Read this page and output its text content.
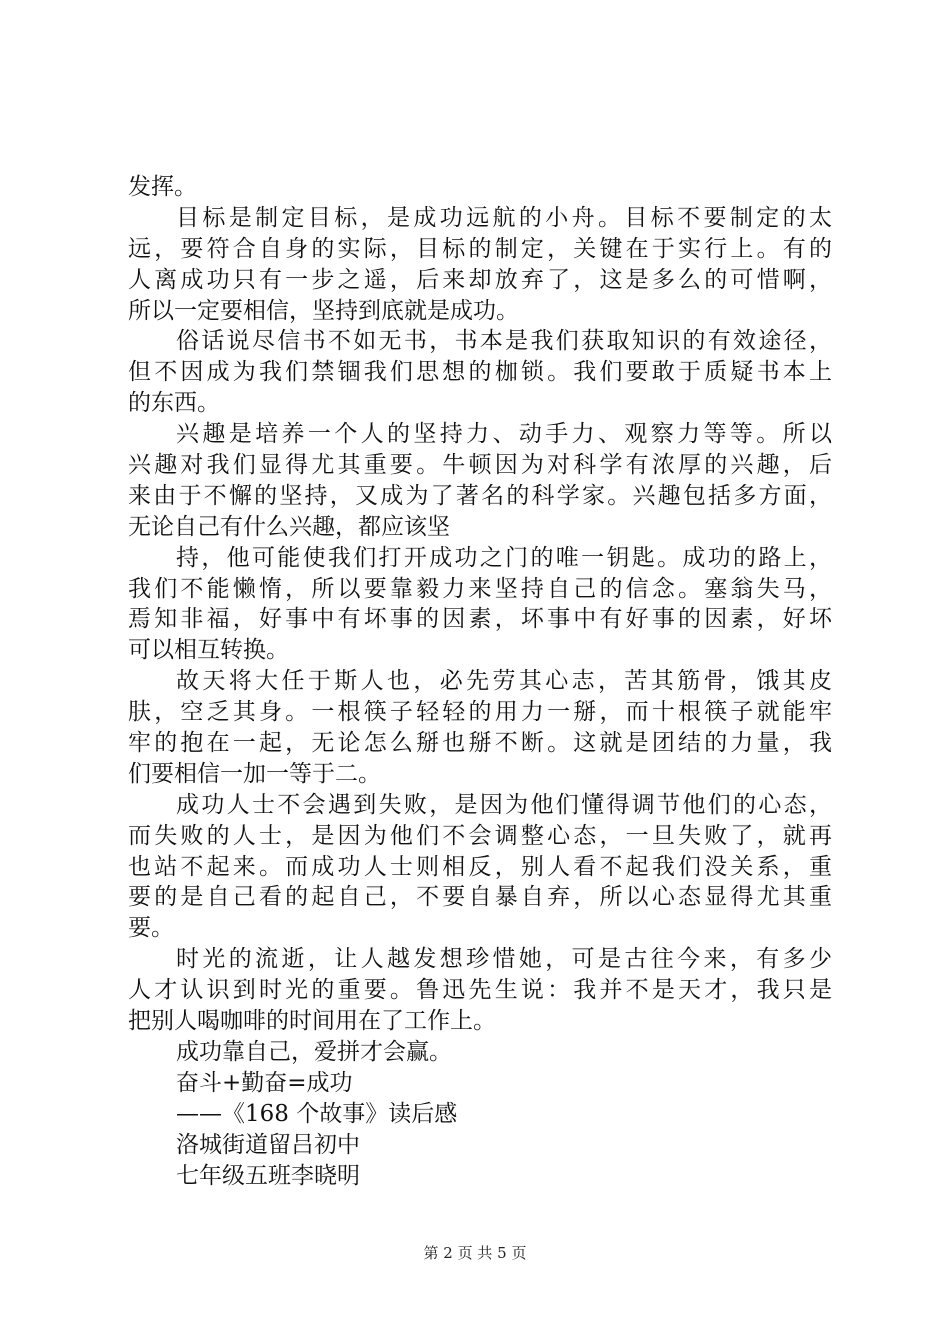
发挥。
目标是制定目标，是成功远航的小舟。目标不要制定的太
远，要符合自身的实际，目标的制定，关键在于实行上。有的
人离成功只有一步之遥，后来却放弃了，这是多么的可惜啊，
所以一定要相信，坚持到底就是成功。
俗话说尽信书不如无书，书本是我们获取知识的有效途径，
但不因成为我们禁锢我们思想的枷锁。我们要敢于质疑书本上
的东西。
兴趣是培养一个人的坚持力、动手力、观察力等等。所以
兴趣对我们显得尤其重要。牛顿因为对科学有浓厚的兴趣，后
来由于不懈的坚持，又成为了著名的科学家。兴趣包括多方面，
无论自己有什么兴趣，都应该坚
持，他可能使我们打开成功之门的唯一钥匙。成功的路上，
我们不能懒惰，所以要靠毅力来坚持自己的信念。塞翁失马，
焉知非福，好事中有坏事的因素，坏事中有好事的因素，好坏
可以相互转换。
故天将大任于斯人也，必先劳其心志，苦其筋骨，饿其皮
肤，空乏其身。一根筷子轻轻的用力一掰，而十根筷子就能牢
牢的抱在一起，无论怎么掰也掰不断。这就是团结的力量，我
们要相信一加一等于二。
成功人士不会遇到失败，是因为他们懂得调节他们的心态，
而失败的人士，是因为他们不会调整心态，一旦失败了，就再
也站不起来。而成功人士则相反，别人看不起我们没关系，重
要的是自己看的起自己，不要自暴自弃，所以心态显得尤其重
要。
时光的流逝，让人越发想珍惜她，可是古往今来，有多少
人才认识到时光的重要。鲁迅先生说：我并不是天才，我只是
把别人喝咖啡的时间用在了工作上。
成功靠自己，爱拼才会赢。
奋斗+勤奋=成功
——《168 个故事》读后感
洛城街道留吕初中
七年级五班李晓明
第 2 页 共 5 页
